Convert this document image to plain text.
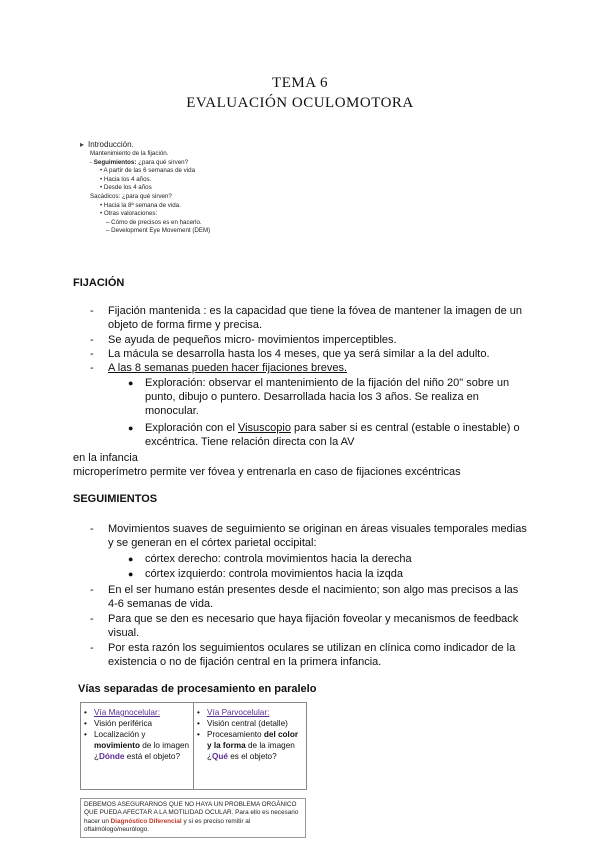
TEMA 6
EVALUACIÓN OCULOMOTORA
▸ Introducción.
Mantenimiento de la fijación.
- Seguimientos: ¿para qué sirven?
• A partir de las 6 semanas de vida
• Hacia los 4 años.
• Desde los 4 años
Sacádicos: ¿para qué sirven?
• Hacia la 8ª semana de vida.
• Otras valoraciones:
– Cómo de precisos es en hacerlo.
– Development Eye Movement (DEM)
FIJACIÓN
- Fijación mantenida : es la capacidad que tiene la fóvea de mantener la imagen de un objeto de forma firme y precisa.
- Se ayuda de pequeños micro- movimientos imperceptibles.
- La mácula se desarrolla hasta los 4 meses, que ya será similar a la del adulto.
- A las 8 semanas pueden hacer fijaciones breves.
● Exploración: observar el mantenimiento de la fijación del niño 20" sobre un punto, dibujo o puntero. Desarrollada hacia los 3 años. Se realiza en monocular.
● Exploración con el Visuscopio para saber si es central (estable o inestable) o excéntrica. Tiene relación directa con la AV
en la infancia
microperímetro permite ver fóvea y entrenarla en caso de fijaciones excéntricas
SEGUIMIENTOS
- Movimientos suaves de seguimiento se originan en áreas visuales temporales medias y se generan en el córtex parietal occipital:
● córtex derecho: controla movimientos hacia la derecha
● córtex izquierdo: controla movimientos hacia la izqda
- En el ser humano están presentes desde el nacimiento; son algo mas precisos a las 4-6 semanas de vida.
- Para que se den es necesario que haya fijación foveolar y mecanismos de feedback visual.
- Por esta razón los seguimientos oculares se utilizan en clínica como indicador de la existencia o no de fijación central en la primera infancia.
Vías separadas de procesamiento en paralelo
• Vía Magnocelular:
• Visión periférica
• Localización y movimiento de lo imagen ¿Dónde está el objeto?
• Vía Parvocelular:
• Visión central (detalle)
• Procesamiento del color y la forma de la imagen ¿Qué es el objeto?
DEBEMOS ASEGURARNOS QUE NO HAYA UN PROBLEMA ORGÁNICO QUE PUEDA AFECTAR A LA MOTILIDAD OCULAR. Para ello es necesario hacer un Diagnóstico Diferencial y si es preciso remitir al oftalmólogo/neurólogo.
